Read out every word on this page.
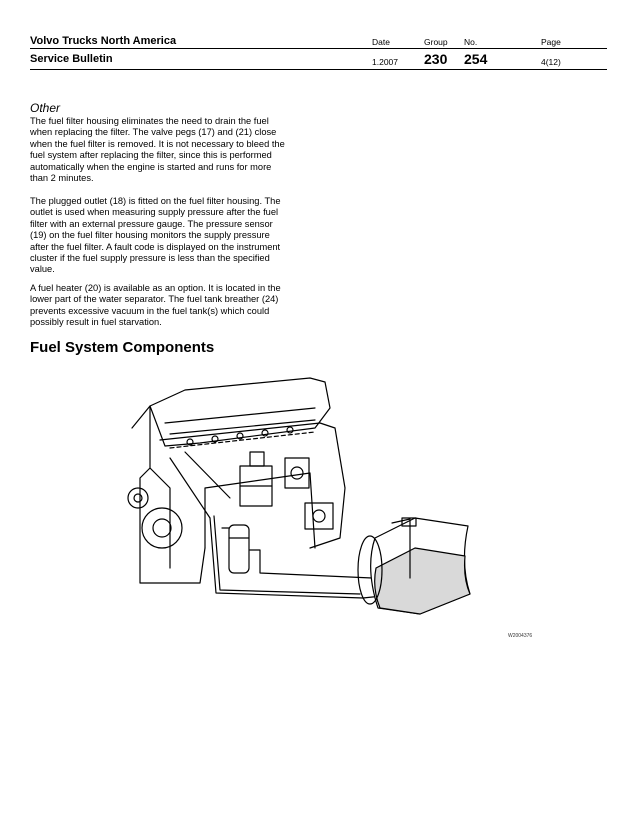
Volvo Trucks North America
Service Bulletin
Date
1.2007
Group
230
No.
254
Page
4(12)
Other
The fuel filter housing eliminates the need to drain the fuel when replacing the filter. The valve pegs (17) and (21) close when the fuel filter is removed. It is not necessary to bleed the fuel system after replacing the filter, since this is performed automatically when the engine is started and runs for more than 2 minutes.
The plugged outlet (18) is fitted on the fuel filter housing. The outlet is used when measuring supply pressure after the fuel filter with an external pressure gauge. The pressure sensor (19) on the fuel filter housing monitors the supply pressure after the fuel filter. A fault code is displayed on the instrument cluster if the fuel supply pressure is less than the specified value.
A fuel heater (20) is available as an option. It is located in the lower part of the water separator. The fuel tank breather (24) prevents excessive vacuum in the fuel tank(s) which could possibly result in fuel starvation.
Fuel System Components
W2004376
